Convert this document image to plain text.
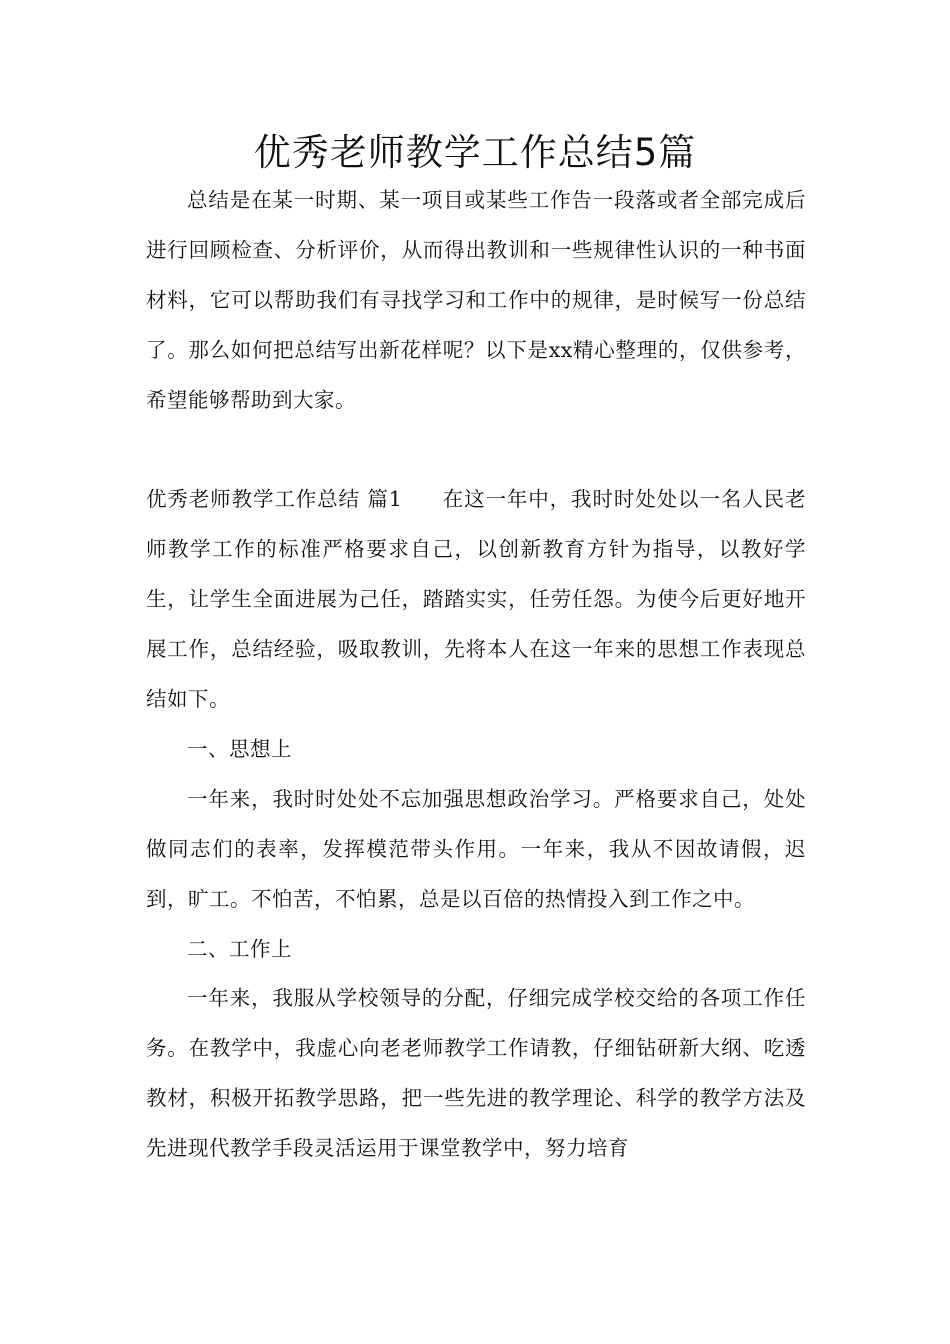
优秀老师教学工作总结5篇

总结是在某一时期、某一项目或某些工作告一段落或者全部完成后进行回顾检查、分析评价，从而得出教训和一些规律性认识的一种书面材料，它可以帮助我们有寻找学习和工作中的规律，是时候写一份总结了。那么如何把总结写出新花样呢？以下是xx精心整理的，仅供参考，希望能够帮助到大家。

优秀老师教学工作总结 篇1 在这一年中，我时时处处以一名人民老师教学工作的标准严格要求自己，以创新教育方针为指导，以教好学生，让学生全面进展为己任，踏踏实实，任劳任怨。为使今后更好地开展工作，总结经验，吸取教训，先将本人在这一年来的思想工作表现总结如下。

一、思想上

一年来，我时时处处不忘加强思想政治学习。严格要求自己，处处做同志们的表率，发挥模范带头作用。一年来，我从不因故请假，迟到，旷工。不怕苦，不怕累，总是以百倍的热情投入到工作之中。

二、工作上

一年来，我服从学校领导的分配，仔细完成学校交给的各项工作任务。在教学中，我虚心向老老师教学工作请教，仔细钻研新大纲、吃透教材，积极开拓教学思路，把一些先进的教学理论、科学的教学方法及先进现代教学手段灵活运用于课堂教学中，努力培育
